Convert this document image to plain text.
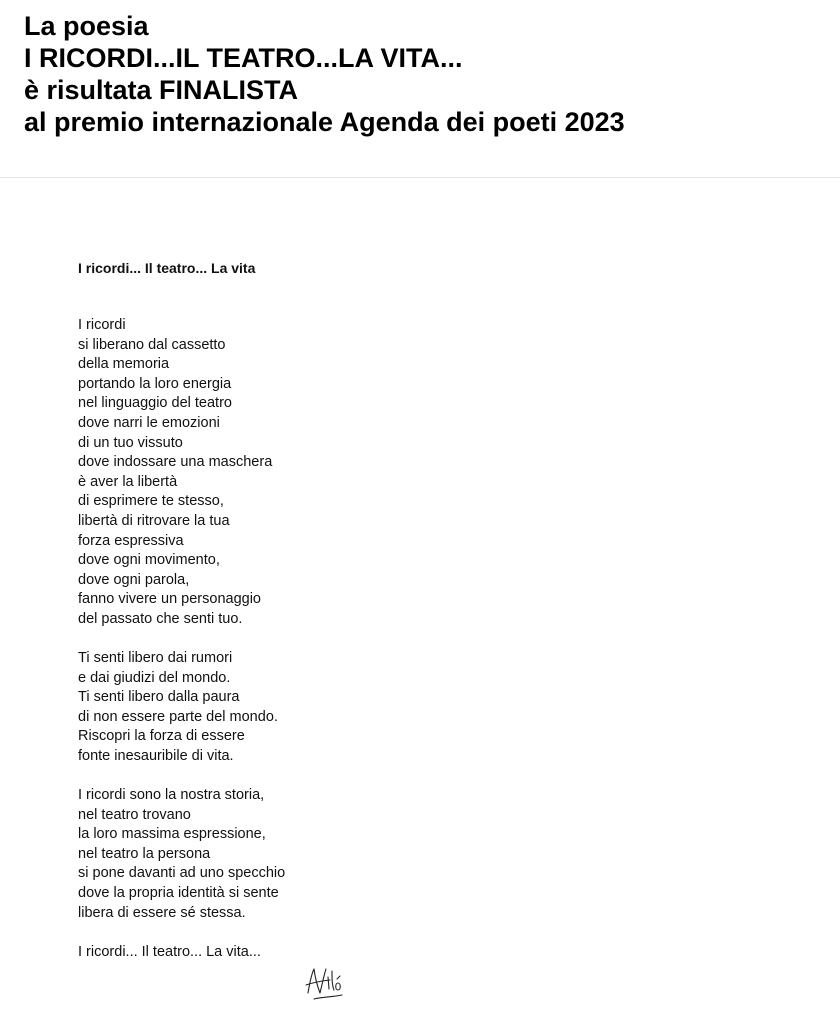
La poesia
I RICORDI...IL TEATRO...LA VITA...
è risultata FINALISTA
al premio internazionale Agenda dei poeti 2023
I ricordi... Il teatro... La vita
I ricordi
si liberano dal cassetto
della memoria
portando la loro energia
nel linguaggio del teatro
dove narri le emozioni
di un tuo vissuto
dove indossare una maschera
è aver la libertà
di esprimere te stesso,
libertà di ritrovare la tua
forza espressiva
dove ogni movimento,
dove ogni parola,
fanno vivere un personaggio
del passato che senti tuo.
Ti senti libero dai rumori
e dai giudizi del mondo.
Ti senti libero dalla paura
di non essere parte del mondo.
Riscopri la forza di essere
fonte inesauribile di vita.
I ricordi sono la nostra storia,
nel teatro trovano
la loro massima espressione,
nel teatro la persona
si pone davanti ad uno specchio
dove la propria identità si sente
libera di essere sé stessa.
I ricordi... Il teatro... La vita...
